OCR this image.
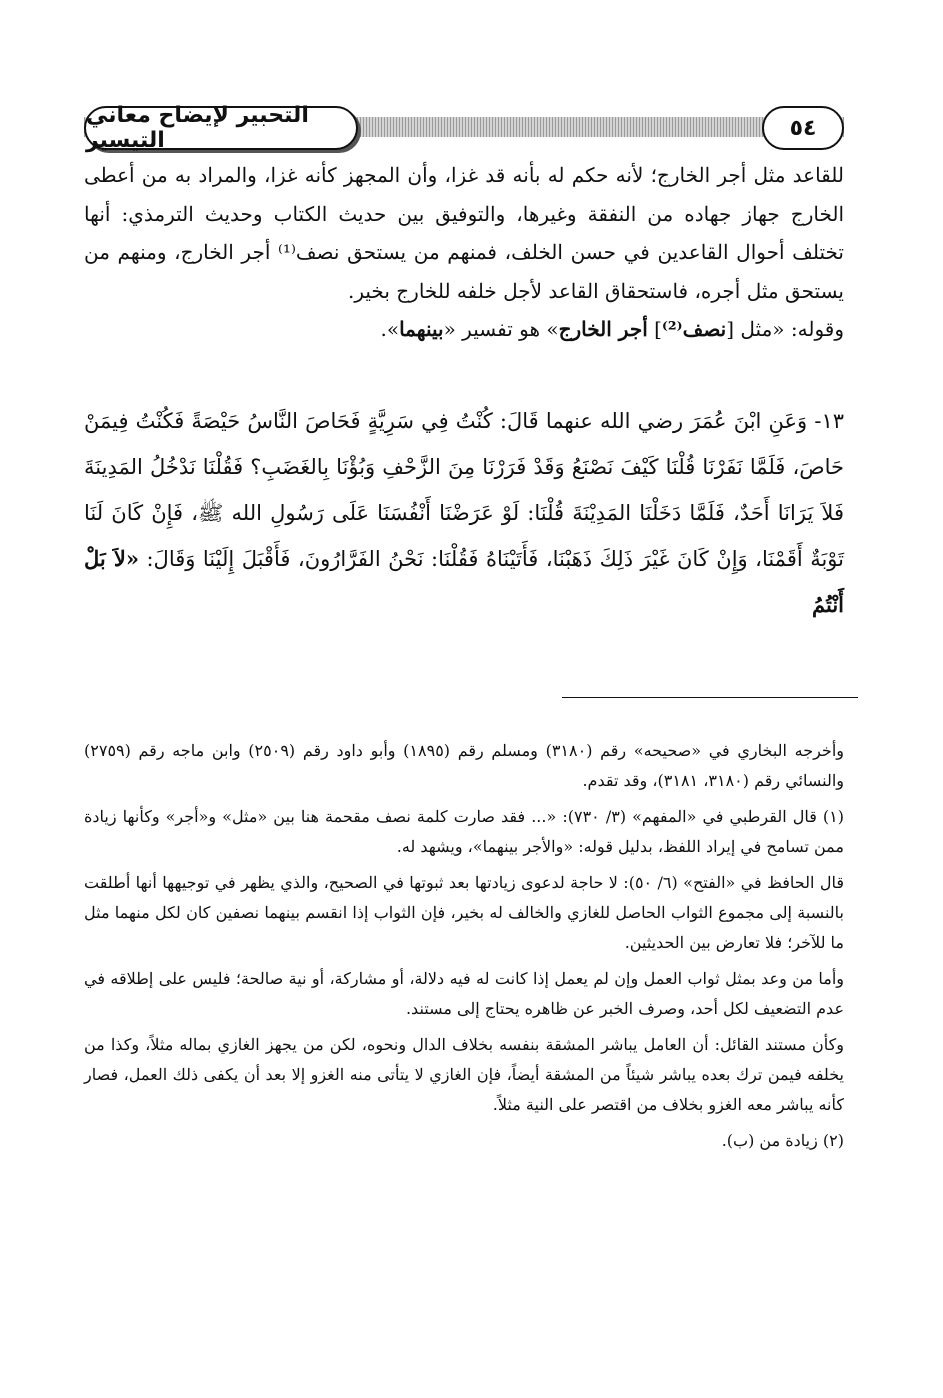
التحبير لإيضاح معاني التيسير	٥٤

للقاعد مثل أجر الخارج؛ لأنه حكم له بأنه قد غزا، وأن المجهز كأنه غزا، والمراد به من أعطى الخارج جهاز جهاده من النفقة وغيرها، والتوفيق بين حديث الكتاب وحديث الترمذي: أنها تختلف أحوال القاعدين في حسن الخلف، فمنهم من يستحق نصف⁽¹⁾ أجر الخارج، ومنهم من يستحق مثل أجره، فاستحقاق القاعد لأجل خلفه للخارج بخير.

وقوله: «مثل [نصف⁽²⁾] أجر الخارج» هو تفسير «بينهما».

١٣- وَعَنِ ابْنَ عُمَرَ رضي الله عنهما قَالَ: كُنْتُ فِي سَرِيَّةٍ فَحَاصَ النَّاسُ حَيْصَةً فَكُنْتُ فِيمَنْ حَاصَ، فَلَمَّا نَفَرْنَا قُلْنَا كَيْفَ نَصْنَعُ وَقَدْ فَرَرْنَا مِنَ الزَّحْفِ وَبُؤْنَا بِالغَضَبِ؟ فَقُلْنَا نَدْخُلُ المَدِينَةَ فَلاَ يَرَانَا أَحَدٌ، فَلَمَّا دَخَلْنَا المَدِيْنَةَ قُلْنَا: لَوْ عَرَضْنَا أَنْفُسَنَا عَلَى رَسُولِ الله ﷺ، فَإِنْ كَانَ لَنَا تَوْبَةٌ أَقَمْنَا، وَإِنْ كَانَ غَيْرَ ذَلِكَ ذَهَبْنَا، فَأَتَيْنَاهُ فَقُلْنَا: نَحْنُ الفَرَّارُونَ، فَأَقْبَلَ إِلَيْنَا وَقَالَ: «لاَ بَلْ أَنْتُمُ

وأخرجه البخاري في «صحيحه» رقم (٣١٨٠) ومسلم رقم (١٨٩٥) وأبو داود رقم (٢٥٠٩) وابن ماجه رقم (٢٧٥٩) والنسائي رقم (٣١٨٠، ٣١٨١)، وقد تقدم.

(١) قال القرطبي في «المفهم» (٣/ ٧٣٠): «... فقد صارت كلمة نصف مقحمة هنا بين «مثل» و«أجر» وكأنها زيادة ممن تسامح في إيراد اللفظ، بدليل قوله: «والأجر بينهما»، ويشهد له.

قال الحافظ في «الفتح» (٦/ ٥٠): لا حاجة لدعوى زيادتها بعد ثبوتها في الصحيح، والذي يظهر في توجيهها أنها أطلقت بالنسبة إلى مجموع الثواب الحاصل للغازي والخالف له بخير، فإن الثواب إذا انقسم بينهما نصفين كان لكل منهما مثل ما للآخر؛ فلا تعارض بين الحديثين.

وأما من وعد بمثل ثواب العمل وإن لم يعمل إذا كانت له فيه دلالة، أو مشاركة، أو نية صالحة؛ فليس على إطلاقه في عدم التضعيف لكل أحد، وصرف الخبر عن ظاهره يحتاج إلى مستند.

وكأن مستند القائل: أن العامل يباشر المشقة بنفسه بخلاف الدال ونحوه، لكن من يجهز الغازي بماله مثلاً، وكذا من يخلفه فيمن ترك بعده يباشر شيئاً من المشقة أيضاً، فإن الغازي لا يتأتى منه الغزو إلا بعد أن يكفى ذلك العمل، فصار كأنه يباشر معه الغزو بخلاف من اقتصر على النية مثلاً.

(٢) زيادة من (ب).
